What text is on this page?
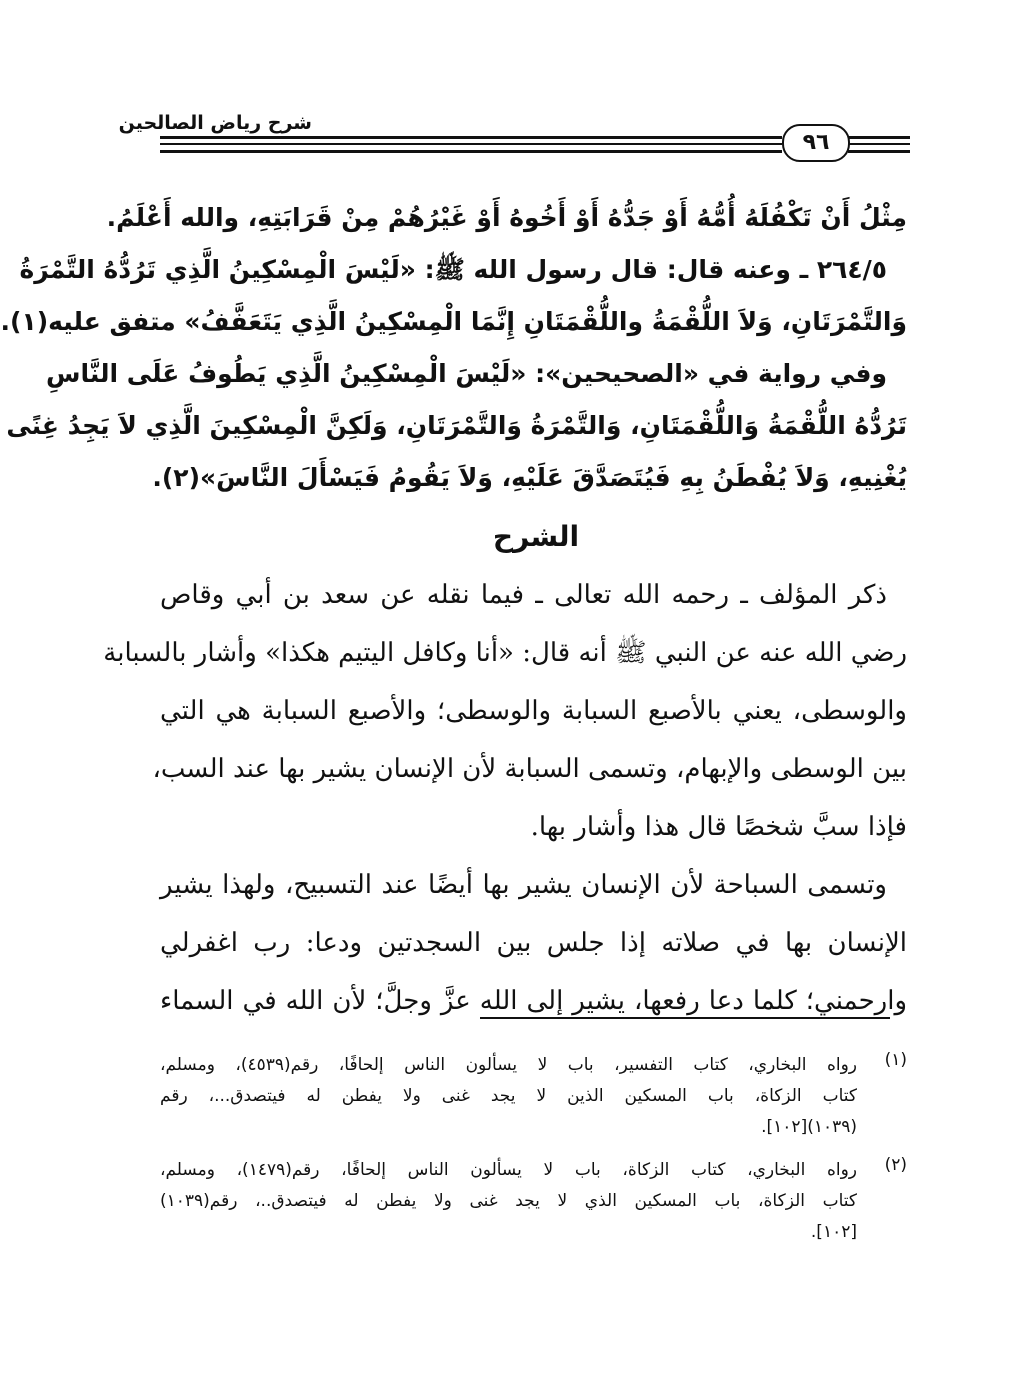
شرح رياض الصالحين
٩٦
مِثْلُ أَنْ تَكْفُلَهُ أُمُّهُ أَوْ جَدُّهُ أَوْ أَخُوهُ أَوْ غَيْرُهُمْ مِنْ قَرَابَتِهِ، والله أَعْلَمُ.
٢٦٤/٥ ـ وعنه قال: قال رسول الله ﷺ: «لَيْسَ الْمِسْكِينُ الَّذِي تَرُدُّهُ التَّمْرَةُ
وَالتَّمْرَتَانِ، وَلاَ اللُّقْمَةُ واللُّقْمَتَانِ إِنَّمَا الْمِسْكِينُ الَّذِي يَتَعَفَّفُ» متفق عليه(١).
وفي رواية في «الصحيحين»: «لَيْسَ الْمِسْكِينُ الَّذِي يَطُوفُ عَلَى النَّاسِ
تَرُدُّهُ اللُّقْمَةُ وَاللُّقْمَتَانِ، وَالتَّمْرَةُ وَالتَّمْرَتَانِ، وَلَكِنَّ الْمِسْكِينَ الَّذِي لاَ يَجِدُ غِنًى
يُغْنِيهِ، وَلاَ يُفْطَنُ بِهِ فَيُتَصَدَّقَ عَلَيْهِ، وَلاَ يَقُومُ فَيَسْأَلَ النَّاسَ»(٢).
الشرح
ذكر المؤلف ـ رحمه الله تعالى ـ فيما نقله عن سعد بن أبي وقاص
رضي الله عنه عن النبي ﷺ أنه قال: «أنا وكافل اليتيم هكذا» وأشار بالسبابة
والوسطى، يعني بالأصبع السبابة والوسطى؛ والأصبع السبابة هي التي
بين الوسطى والإبهام، وتسمى السبابة لأن الإنسان يشير بها عند السب،
فإذا سبَّ شخصًا قال هذا وأشار بها.
وتسمى السباحة لأن الإنسان يشير بها أيضًا عند التسبيح، ولهذا يشير
الإنسان بها في صلاته إذا جلس بين السجدتين ودعا: رب اغفرلي
وارحمني؛ كلما دعا رفعها، يشير إلى الله عزَّ وجلَّ؛ لأن الله في السماء
(١)
رواه البخاري، كتاب التفسير، باب لا يسألون الناس إلحافًا، رقم(٤٥٣٩)، ومسلم،
كتاب الزكاة، باب المسكين الذين لا يجد غنى ولا يفطن له فيتصدق...، رقم
(١٠٣٩)[١٠٢].
(٢)
رواه البخاري، كتاب الزكاة، باب لا يسألون الناس إلحافًا، رقم(١٤٧٩)، ومسلم،
كتاب الزكاة، باب المسكين الذي لا يجد غنى ولا يفطن له فيتصدق..، رقم(١٠٣٩)
[١٠٢].
